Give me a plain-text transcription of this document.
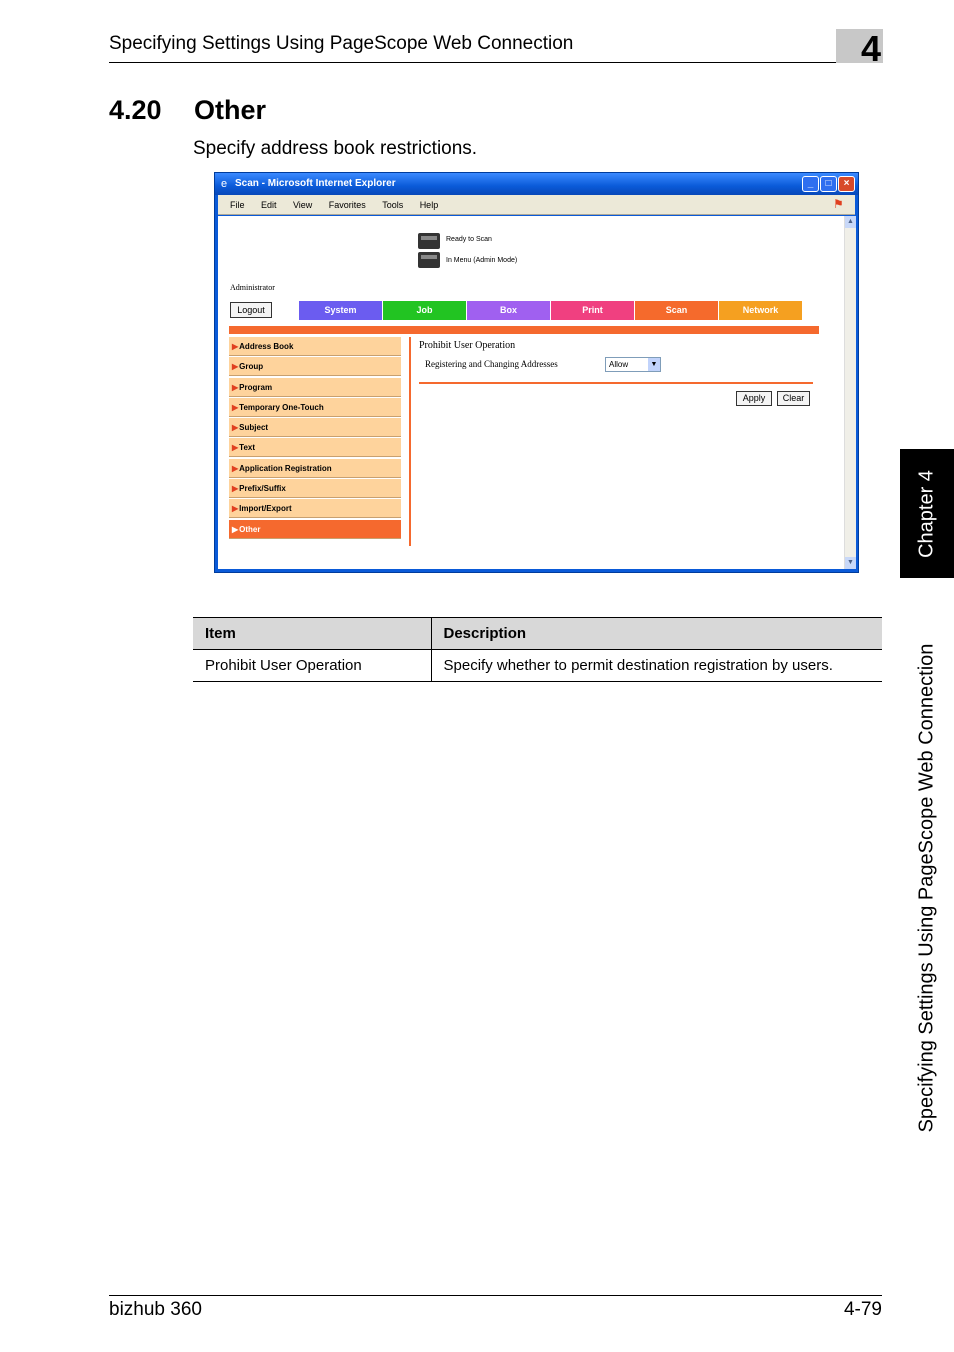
Specifying Settings Using PageScope Web Connection	4
4.20 Other
Specify address book restrictions.
Chapter 4
Specifying Settings Using PageScope Web Connection
e Scan - Microsoft Internet Explorer	_	□	×
File Edit View Favorites Tools Help	⚑
Ready to Scan
In Menu (Admin Mode)
Administrator
Logout	System	Job	Box	Print	Scan	Network
▶Address Book
▶Group
▶Program
▶Temporary One-Touch
▶Subject
▶Text
▶Application Registration
▶Prefix/Suffix
▶Import/Export
▶Other
Prohibit User Operation
Registering and Changing Addresses	Allow	▼
Apply	Clear
▲
▼
Item	Description
Prohibit User Operation	Specify whether to permit destination registration by users.
bizhub 360	4-79
